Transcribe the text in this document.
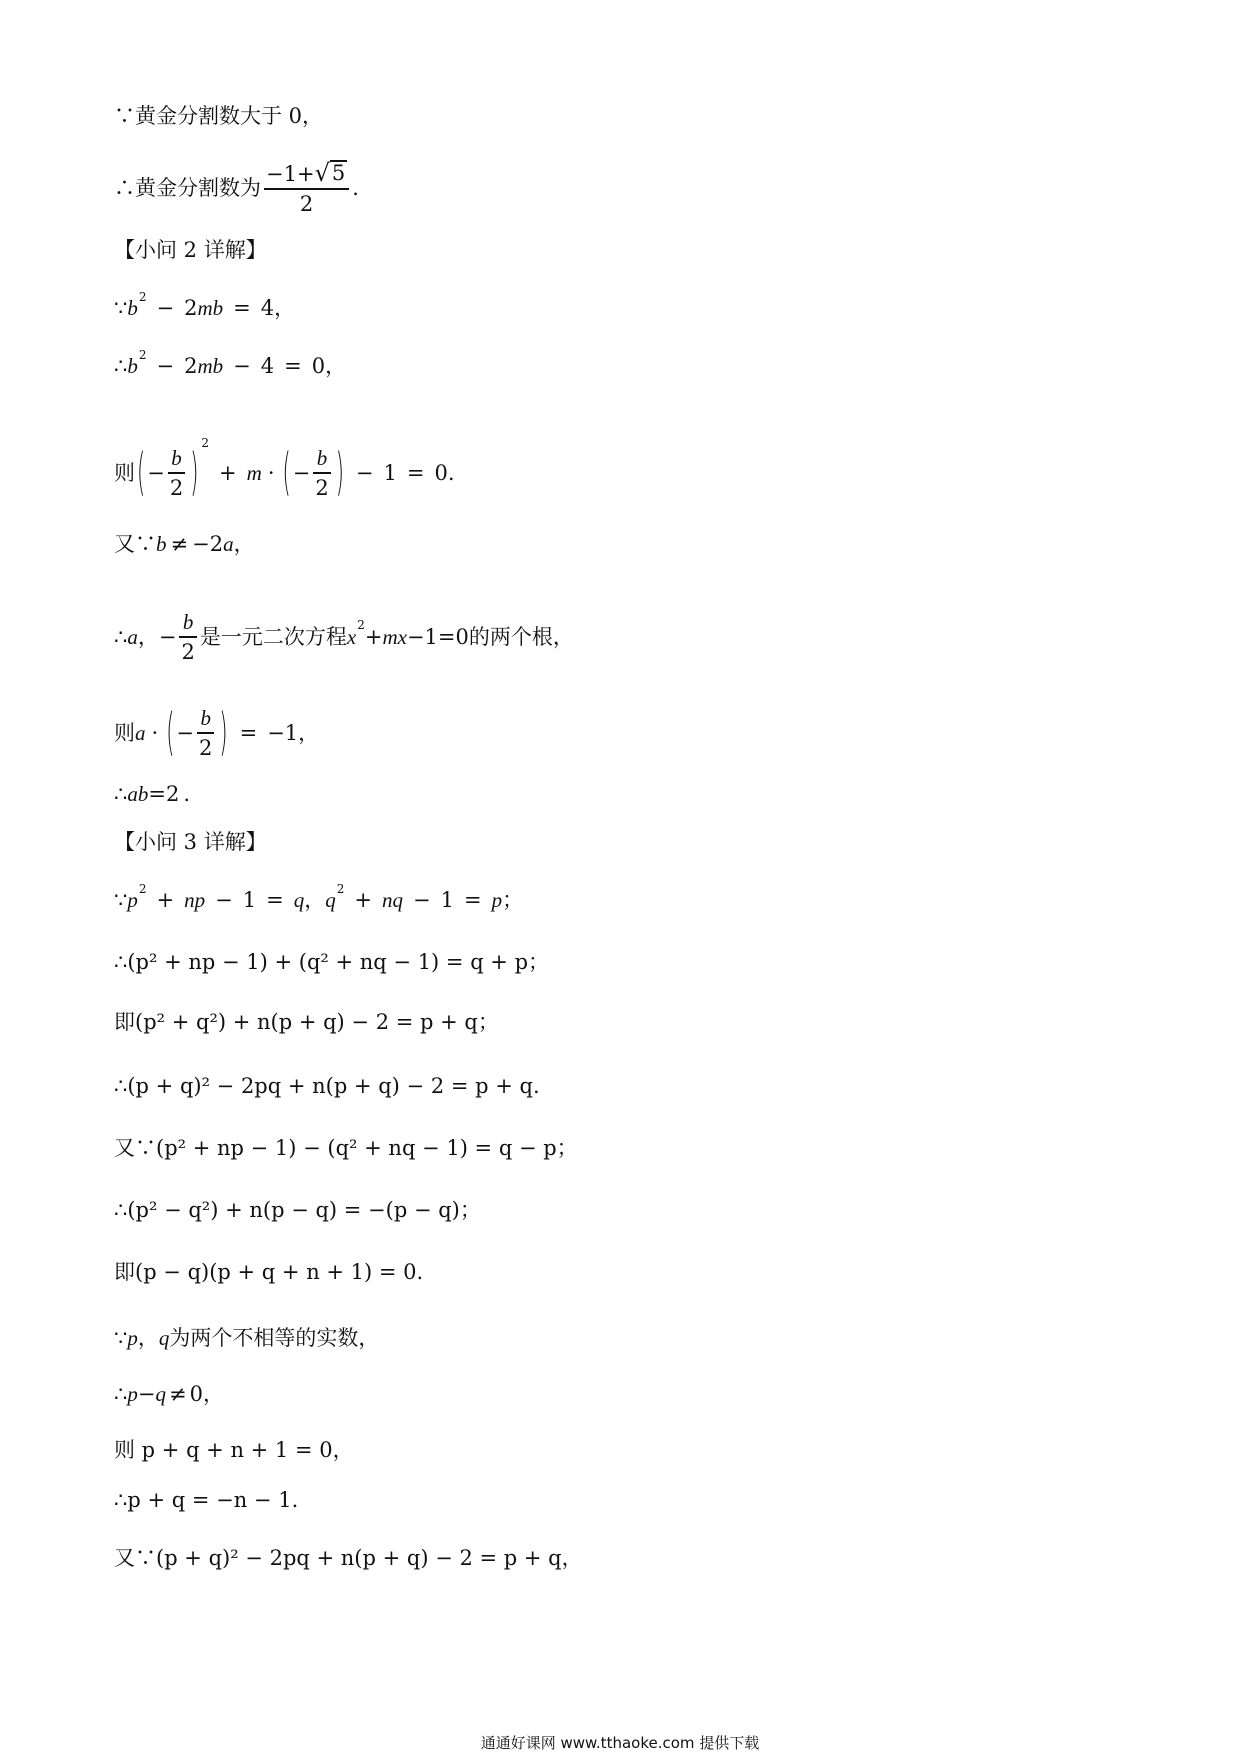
∵黄金分割数大于 0，
∴黄金分割数为 $\frac{-1+ √ 5}{2}$ .
【小问 2 详解】
∵ $b^2 - 2$ mb = 4 ，
∴ $b^2 - 2$ mb − 4 = 0 ，
则 ( − $\frac{b}{2}$ ) $^2$
+ m · ( − $\frac{b}{2}$ ) − 1 = 0 .
又∵ b ≠ −2 a ，
∴ a ， − $\frac{b}{2}$ 是一元二次方程 $x^2$ + mx −1=0 的两个根，
则 a · ( − $\frac{b}{2}$ ) = −1 ，
∴ ab =2 .
【小问 3 详解】
∵ $p^2$ + np − 1 = q ， $q^2$ + nq − 1 = p ；
∴(p² + np − 1) + (q² + nq − 1) = q + p；
即(p² + q²) + n(p + q) − 2 = p + q；
∴(p + q)² − 2pq + n(p + q) − 2 = p + q.
又∵(p² + np − 1) − (q² + nq − 1) = q − p；
∴(p² − q²) + n(p − q) = −(p − q)；
即(p − q)(p + q + n + 1) = 0.
∵ p ， q 为两个不相等的实数，
∴ p − q ≠ 0 ，
则 p + q + n + 1 = 0，
∴p + q = −n − 1.
又∵(p + q)² − 2pq + n(p + q) − 2 = p + q，
通通好课网 www.tthaoke.com 提供下载
